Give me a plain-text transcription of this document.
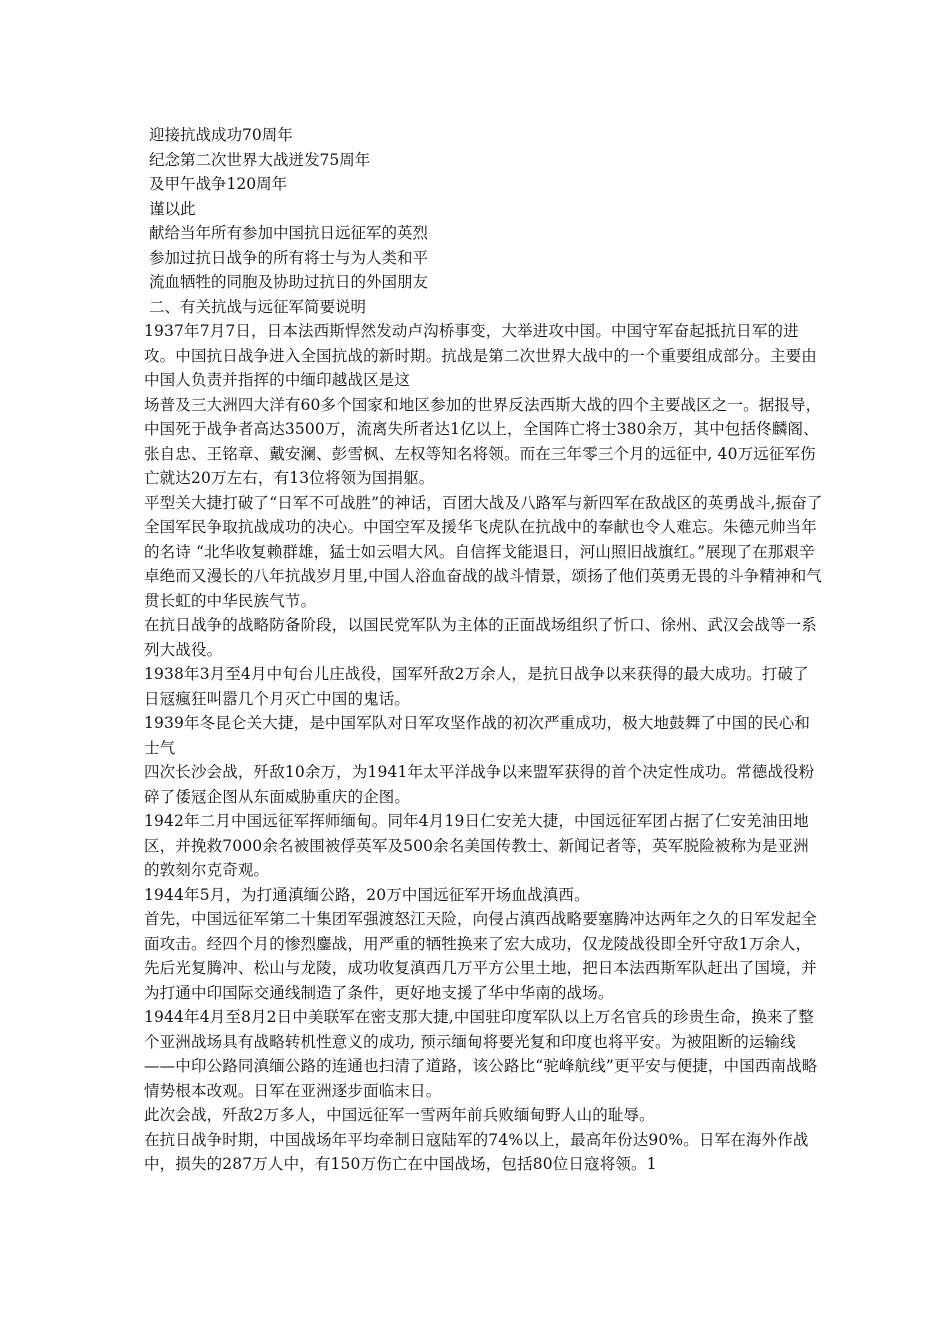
迎接抗战成功70周年
纪念第二次世界大战迸发75周年
及甲午战争120周年
谨以此
献给当年所有参加中国抗日远征军的英烈
参加过抗日战争的所有将士与为人类和平
流血牺牲的同胞及协助过抗日的外国朋友
二、有关抗战与远征军简要说明

1937年7月7日，日本法西斯悍然发动卢沟桥事变，大举进攻中国。中国守军奋起抵抗日军的进攻。中国抗日战争进入全国抗战的新时期。抗战是第二次世界大战中的一个重要组成部分。主要由中国人负责并指挥的中缅印越战区是这

场普及三大洲四大洋有60多个国家和地区参加的世界反法西斯大战的四个主要战区之一。据报导，中国死于战争者高达3500万，流离失所者达1亿以上，全国阵亡将士380余万，其中包括佟麟阁、张自忠、王铭章、戴安澜、彭雪枫、左权等知名将领。而在三年零三个月的远征中, 40万远征军伤亡就达20万左右，有13位将领为国捐躯。

平型关大捷打破了“日军不可战胜”的神话，百团大战及八路军与新四军在敌战区的英勇战斗,振奋了全国军民争取抗战成功的决心。中国空军及援华飞虎队在抗战中的奉献也令人难忘。朱德元帅当年的名诗 “北华收复赖群雄，猛士如云唱大风。自信挥戈能退日，河山照旧战旗红。”展现了在那艰辛卓绝而又漫长的八年抗战岁月里,中国人浴血奋战的战斗情景，颂扬了他们英勇无畏的斗争精神和气贯长虹的中华民族气节。

在抗日战争的战略防备阶段，以国民党军队为主体的正面战场组织了忻口、徐州、武汉会战等一系列大战役。

1938年3月至4月中旬台儿庄战役，国军歼敌2万余人，是抗日战争以来获得的最大成功。打破了日冦瘋狂叫嚣几个月灭亡中国的鬼话。

1939年冬昆仑关大捷，是中国军队对日军攻坚作战的初次严重成功，极大地鼓舞了中国的民心和士气

四次长沙会战，歼敌10余万，为1941年太平洋战争以来盟军获得的首个决定性成功。常德战役粉碎了倭冦企图从东面威胁重庆的企图。

1942年二月中国远征军挥师缅甸。同年4月19日仁安羌大捷，中国远征军团占据了仁安羌油田地区，并挽救7000余名被围被俘英军及500余名美国传教士、新闻记者等，英军脱险被称为是亚洲的敦刻尔克奇观。

1944年5月，为打通滇缅公路，20万中国远征军开场血战滇西。

首先，中国远征军第二十集团军强渡怒江天险，向侵占滇西战略要塞腾冲达两年之久的日军发起全面攻击。经四个月的惨烈鏖战，用严重的牺牲换来了宏大成功，仅龙陵战役即全歼守敌1万余人，先后光复腾冲、松山与龙陵，成功收复滇西几万平方公里土地，把日本法西斯军队赶出了国境，并为打通中印国际交通线制造了条件，更好地支援了华中华南的战场。

1944年4月至8月2日中美联军在密支那大捷,中国驻印度军队以上万名官兵的珍贵生命，换来了整个亚洲战场具有战略转机性意义的成功, 预示缅甸将要光复和印度也将平安。为被阻断的运输线——中印公路同滇缅公路的连通也扫清了道路，该公路比“驼峰航线”更平安与便捷，中国西南战略情势根本改观。日军在亚洲逐步面临末日。

此次会战，歼敌2万多人，中国远征军一雪两年前兵败缅甸野人山的耻辱。

在抗日战争时期，中国战场年平均牵制日寇陆军的74%以上，最高年份达90%。日军在海外作战中，损失的287万人中，有150万伤亡在中国战场，包括80位日寇将领。1
